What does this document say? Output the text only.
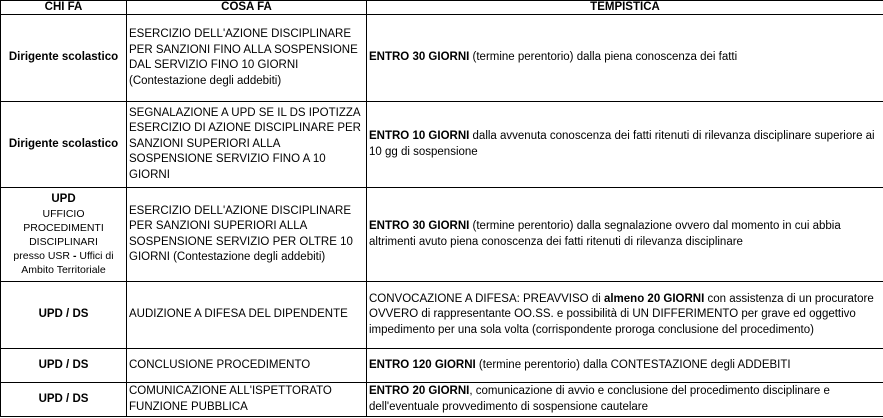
CHI FA	COSA FA	TEMPISTICA
Dirigente scolastico	ESERCIZIO DELL'AZIONE DISCIPLINARE PER SANZIONI FINO ALLA SOSPENSIONE DAL SERVIZIO FINO 10 GIORNI (Contestazione degli addebiti)	ENTRO 30 GIORNI (termine perentorio) dalla piena conoscenza dei fatti
Dirigente scolastico	SEGNALAZIONE A UPD SE IL DS IPOTIZZA ESERCIZIO DI AZIONE DISCIPLINARE PER SANZIONI SUPERIORI ALLA SOSPENSIONE SERVIZIO FINO A 10 GIORNI	ENTRO 10 GIORNI dalla avvenuta conoscenza dei fatti ritenuti di rilevanza disciplinare superiore ai 10 gg di sospensione

UPD
UFFICIO PROCEDIMENTI DISCIPLINARI
presso USR - Uffici di Ambito Territoriale	ESERCIZIO DELL'AZIONE DISCIPLINARE PER SANZIONI SUPERIORI ALLA SOSPENSIONE SERVIZIO PER OLTRE 10 GIORNI (Contestazione degli addebiti)	ENTRO 30 GIORNI (termine perentorio) dalla segnalazione ovvero dal momento in cui abbia altrimenti avuto piena conoscenza dei fatti ritenuti di rilevanza disciplinare
UPD / DS	AUDIZIONE A DIFESA DEL DIPENDENTE	CONVOCAZIONE A DIFESA: PREAVVISO di almeno 20 GIORNI con assistenza di un procuratore OVVERO di rappresentante OO.SS. e possibilità di UN DIFFERIMENTO per grave ed oggettivo impedimento per una sola volta (corrispondente proroga conclusione del procedimento)
UPD / DS	CONCLUSIONE PROCEDIMENTO	ENTRO 120 GIORNI (termine perentorio) dalla CONTESTAZIONE degli ADDEBITI
UPD / DS	COMUNICAZIONE ALL'ISPETTORATO FUNZIONE PUBBLICA	ENTRO 20 GIORNI, comunicazione di avvio e conclusione del procedimento disciplinare e dell'eventuale provvedimento di sospensione cautelare
